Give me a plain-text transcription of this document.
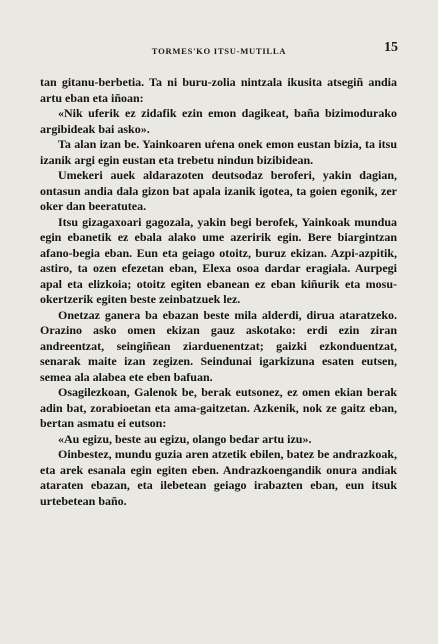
TORMES'KO ITSU-MUTILLA	15

tan gitanu-berbetia. Ta ni buru-zolia nintzala ikusita atsegiñ andia artu eban eta iñoan:

«Nik uferik ez zidafik ezin emon dagikeat, baña bizimodurako argibideak bai asko».

Ta alan izan be. Yainkoaren uṙena onek emon eustan bizia, ta itsu izanik argi egin eustan eta trebetu nindun bizibidean.

Umekeri auek aldarazoten deutsodaz beroferi, yakin dagian, ontasun andia dala gizon bat apala izanik igotea, ta goien egonik, zer oker dan beeratutea.

Itsu gizagaxoari gagozala, yakin begi berofek, Yainkoak mundua egin ebanetik ez ebala alako ume azeririk egin. Bere biargintzan afano-begia eban. Eun eta geiago otoitz, buruz ekizan. Azpi-azpitik, astiro, ta ozen efezetan eban, Elexa osoa dardar eragiala. Aurpegi apal eta elizkoia; otoitz egiten ebanean ez eban kiñurik eta mosu-okertzerik egiten beste zeinbatzuek lez.

Onetzaz ganera ba ebazan beste mila alderdi, dirua ataratzeko. Orazino asko omen ekizan gauz askotako: erdi ezin ziran andreentzat, seingiñean ziarduenentzat; gaizki ezkonduentzat, senarak maite izan zegizen. Seindunai igarkizuna esaten eutsen, semea ala alabea ete eben bafuan.

Osagilezkoan, Galenok be, berak eutsonez, ez omen ekian berak adin bat, zorabioetan eta ama-gaitzetan. Azkenik, nok ze gaitz eban, bertan asmatu ei eutson:

«Au egizu, beste au egizu, olango bedar artu izu».

Oinbestez, mundu guzia aren atzetik ebilen, batez be andrazkoak, eta arek esanala egin egiten eben. Andrazkoengandik onura andiak ataraten ebazan, eta ilebetean geiago irabazten eban, eun itsuk urtebetean baño.
